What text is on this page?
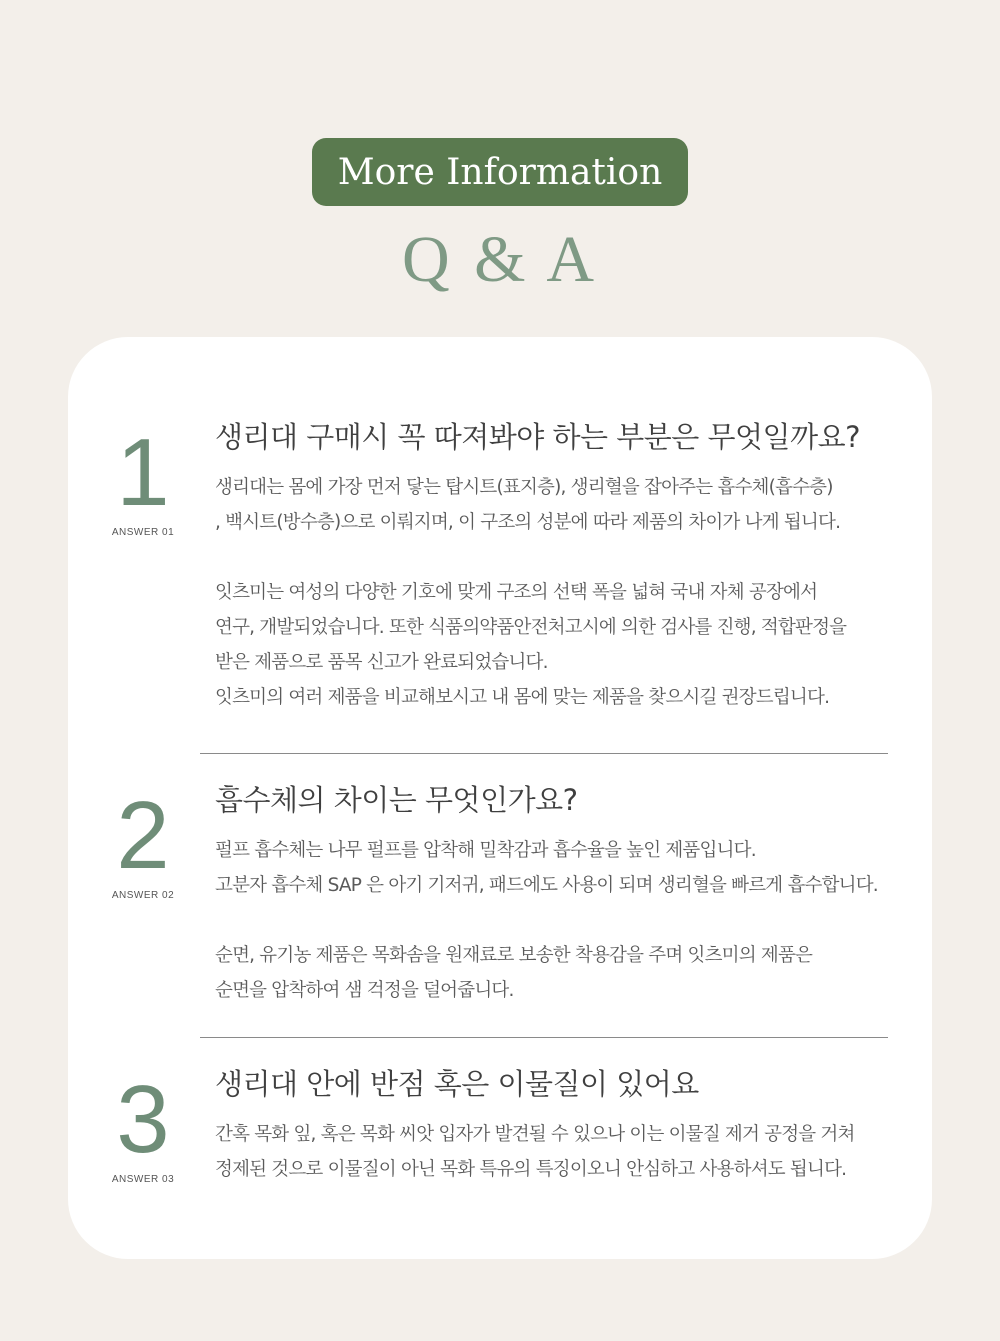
More Information
Q & A
1
ANSWER 01
생리대 구매시 꼭 따져봐야 하는 부분은 무엇일까요?
생리대는 몸에 가장 먼저 닿는 탑시트(표지층), 생리혈을 잡아주는 흡수체(흡수층)
, 백시트(방수층)으로 이뤄지며, 이 구조의 성분에 따라 제품의 차이가 나게 됩니다.
잇츠미는 여성의 다양한 기호에 맞게 구조의 선택 폭을 넓혀 국내 자체 공장에서
연구, 개발되었습니다. 또한 식품의약품안전처고시에 의한 검사를 진행, 적합판정을
받은 제품으로 품목 신고가 완료되었습니다.
잇츠미의 여러 제품을 비교해보시고 내 몸에 맞는 제품을 찾으시길 권장드립니다.
2
ANSWER 02
흡수체의 차이는 무엇인가요?
펄프 흡수체는 나무 펄프를 압착해 밀착감과 흡수율을 높인 제품입니다.
고분자 흡수체 SAP 은 아기 기저귀, 패드에도 사용이 되며 생리혈을 빠르게 흡수합니다.
순면, 유기농 제품은 목화솜을 원재료로 보송한 착용감을 주며 잇츠미의 제품은
순면을 압착하여 샘 걱정을 덜어줍니다.
3
ANSWER 03
생리대 안에 반점 혹은 이물질이 있어요
간혹 목화 잎, 혹은 목화 씨앗 입자가 발견될 수 있으나 이는 이물질 제거 공정을 거쳐
정제된 것으로 이물질이 아닌 목화 특유의 특징이오니 안심하고 사용하셔도 됩니다.
